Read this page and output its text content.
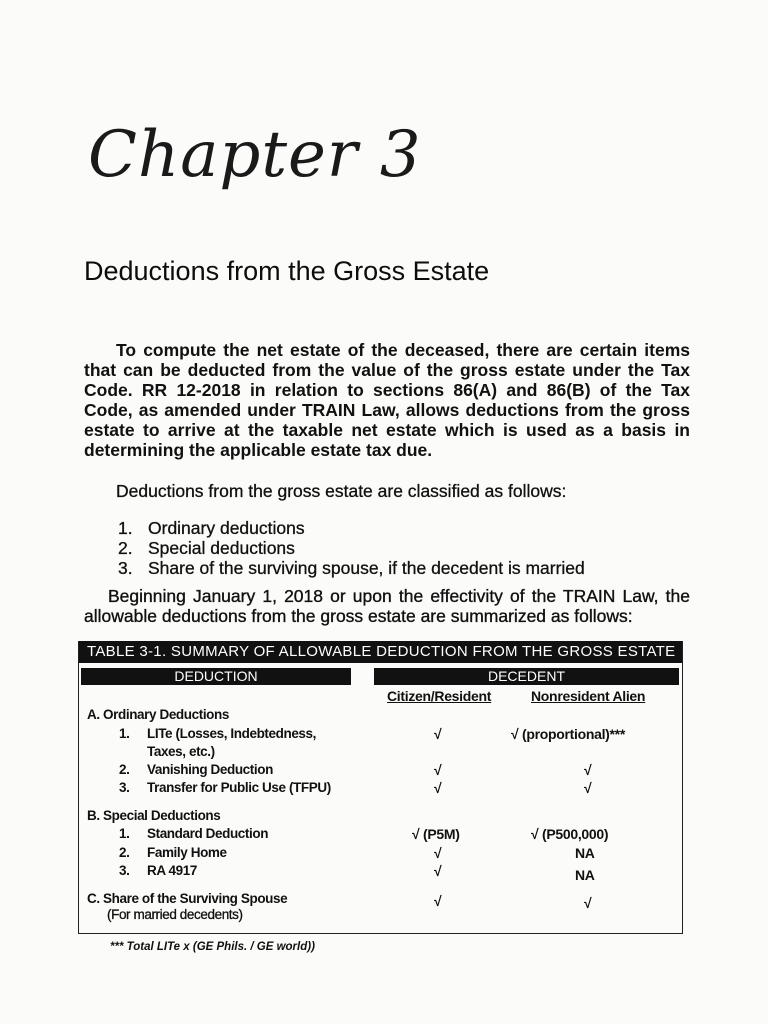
Chapter 3
Deductions from the Gross Estate
To compute the net estate of the deceased, there are certain items that can be deducted from the value of the gross estate under the Tax Code. RR 12-2018 in relation to sections 86(A) and 86(B) of the Tax Code, as amended under TRAIN Law, allows deductions from the gross estate to arrive at the taxable net estate which is used as a basis in determining the applicable estate tax due.
Deductions from the gross estate are classified as follows:
1. Ordinary deductions
2. Special deductions
3. Share of the surviving spouse, if the decedent is married
Beginning January 1, 2018 or upon the effectivity of the TRAIN Law, the allowable deductions from the gross estate are summarized as follows:
TABLE 3-1. SUMMARY OF ALLOWABLE DEDUCTION FROM THE GROSS ESTATE
DEDUCTION	DECEDENT
Citizen/Resident	Nonresident Alien
A. Ordinary Deductions
1. LITe (Losses, Indebtedness,
Taxes, etc.)
√	√ (proportional)***
2. Vanishing Deduction	√	√
3. Transfer for Public Use (TFPU)	√	√
B. Special Deductions
1. Standard Deduction	√ (P5M)	√ (P500,000)
2. Family Home	√	NA
3. RA 4917	√	NA
C. Share of the Surviving Spouse
(For married decedents)
√	√
*** Total LITe x (GE Phils. / GE world))
